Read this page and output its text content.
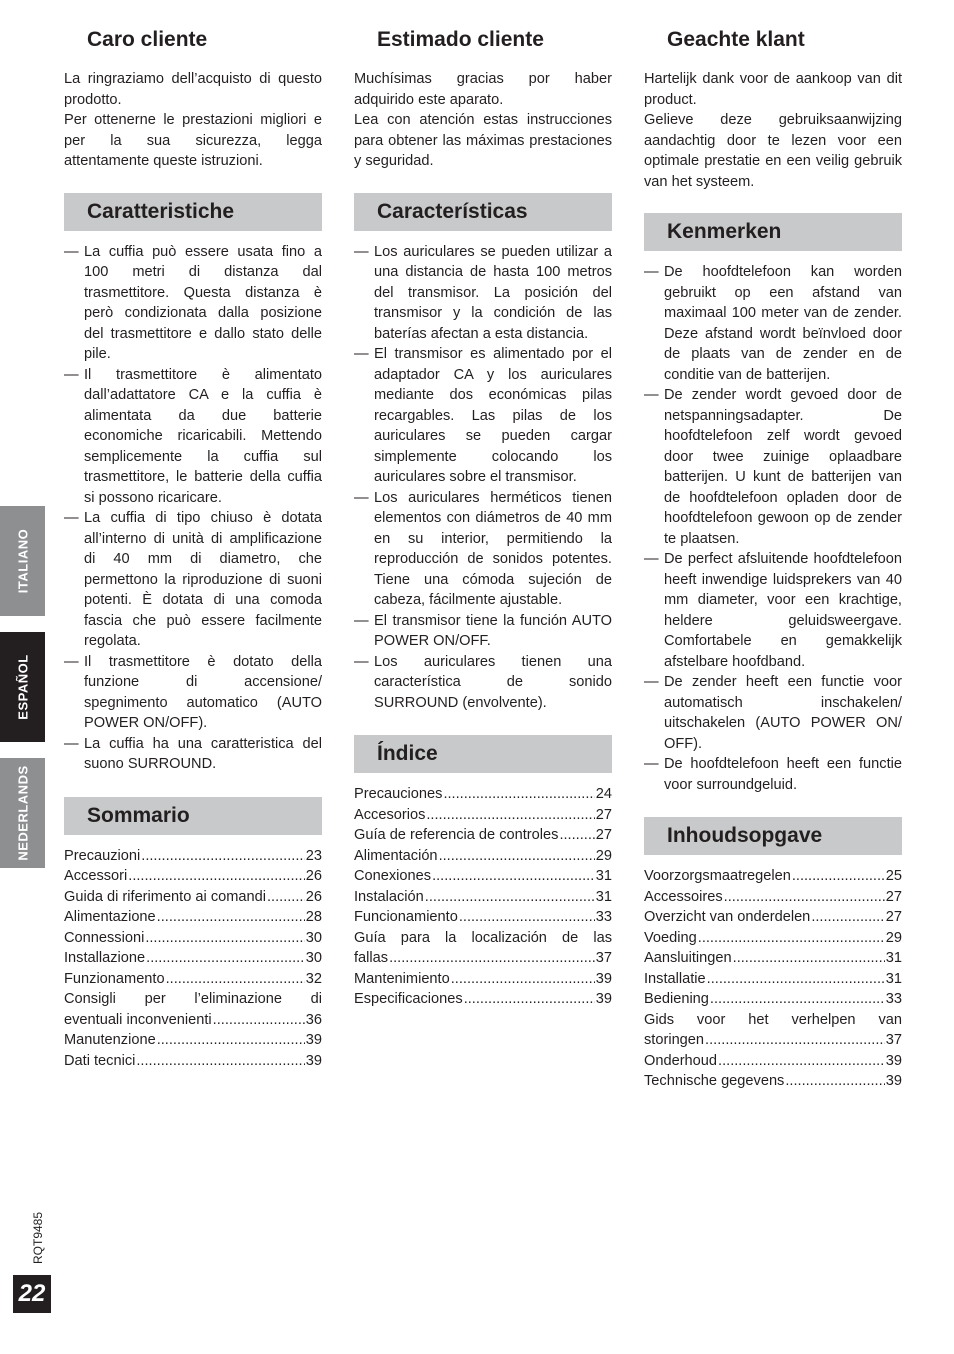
Caro cliente

La ringraziamo dell’acquisto di questo prodotto.

Per ottenerne le prestazioni migliori e per la sua sicurezza, legga attentamente queste istruzioni.

Caratteristiche
— La cuffia può essere usata fino a 100 metri di distanza dal trasmettitore. Questa distanza è però condizionata dalla posizione del trasmettitore e dallo stato delle pile.
— Il trasmettitore è alimentato dall’adattatore CA e la cuffia è alimentata da due batterie economiche ricaricabili. Mettendo semplicemente la cuffia sul trasmettitore, le batterie della cuffia si possono ricaricare.
— La cuffia di tipo chiuso è dotata all’interno di unità di amplificazione di 40 mm di diametro, che permettono la riproduzione di suoni potenti. È dotata di una comoda fascia che può essere facilmente regolata.
— Il trasmettitore è dotato della funzione di accensione/ spegnimento automatico (AUTO POWER ON/OFF).
— La cuffia ha una caratteristica del suono SURROUND.
Sommario
Precauzioni .....	23
Accessori .....	26
Guida di riferimento ai comandi .....	26
Alimentazione .....	28
Connessioni .....	30
Installazione .....	30
Funzionamento .....	32
Consigli per l’eliminazione di
eventuali inconvenienti .....	36
Manutenzione .....	39
Dati tecnici .....	39
Estimado cliente

Muchísimas gracias por haber adquirido este aparato.

Lea con atención estas instrucciones para obtener las máximas prestaciones y seguridad.

Características
— Los auriculares se pueden utilizar a una distancia de hasta 100 metros del transmisor. La posición del transmisor y la condición de las baterías afectan a esta distancia.
— El transmisor es alimentado por el adaptador CA y los auriculares mediante dos económicas pilas recargables. Las pilas de los auriculares se pueden cargar simplemente colocando los auriculares sobre el transmisor.
— Los auriculares herméticos tienen elementos con diámetros de 40 mm en su interior, permitiendo la reproducción de sonidos potentes. Tiene una cómoda sujeción de cabeza, fácilmente ajustable.
— El transmisor tiene la función AUTO POWER ON/OFF.
— Los auriculares tienen una característica de sonido SURROUND (envolvente).
Índice
Precauciones .....	24
Accesorios .....	27
Guía de referencia de controles .....	27
Alimentación .....	29
Conexiones .....	31
Instalación .....	31
Funcionamiento .....	33
Guía para la localización de las
fallas .....	37
Mantenimiento .....	39
Especificaciones .....	39
Geachte klant

Hartelijk dank voor de aankoop van dit product.

Gelieve deze gebruiksaanwijzing aandachtig door te lezen voor een optimale prestatie en een veilig gebruik van het systeem.

Kenmerken
— De hoofdtelefoon kan worden gebruikt op een afstand van maximaal 100 meter van de zender. Deze afstand wordt beïnvloed door de plaats van de zender en de conditie van de batterijen.
— De zender wordt gevoed door de netspanningsadapter. De hoofdtelefoon zelf wordt gevoed door twee zuinige oplaadbare batterijen. U kunt de batterijen van de hoofdtelefoon opladen door de hoofdtelefoon gewoon op de zender te plaatsen.
— De perfect afsluitende hoofdtelefoon heeft inwendige luidsprekers van 40 mm diameter, voor een krachtige, heldere geluidsweergave. Comfortabele en gemakkelijk afstelbare hoofdband.
— De zender heeft een functie voor automatisch inschakelen/ uitschakelen (AUTO POWER ON/ OFF).
— De hoofdtelefoon heeft een functie voor surroundgeluid.
Inhoudsopgave
Voorzorgsmaatregelen .....	25
Accessoires .....	27
Overzicht van onderdelen .....	27
Voeding .....	29
Aansluitingen .....	31
Installatie .....	31
Bediening .....	33
Gids voor het verhelpen van
storingen .....	37
Onderhoud .....	39
Technische gegevens .....	39
ITALIANO
ESPAÑOL
NEDERLANDS
RQT9485
22
